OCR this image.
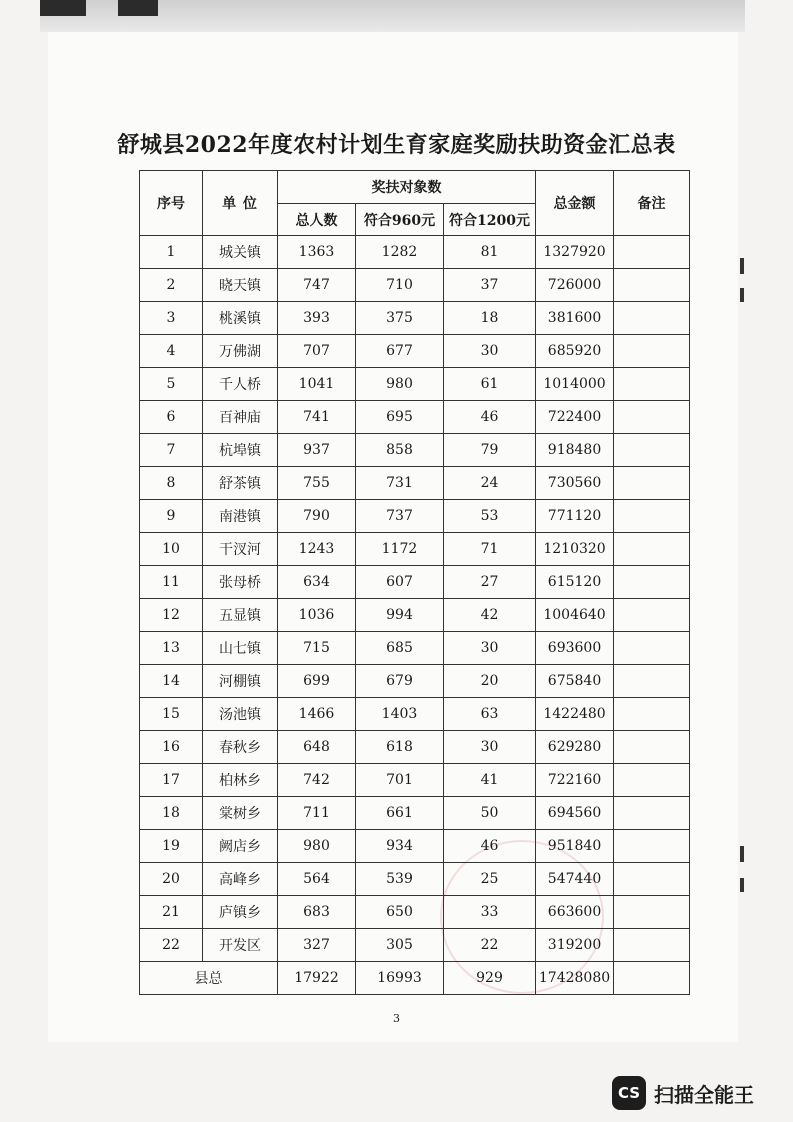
舒城县2022年度农村计划生育家庭奖励扶助资金汇总表
序号	单 位	奖扶对象数			总金额	备注
		总人数	符合960元	符合1200元		
1	城关镇	1363	1282	81	1327920	
2	晓天镇	747	710	37	726000	
3	桃溪镇	393	375	18	381600	
4	万佛湖	707	677	30	685920	
5	千人桥	1041	980	61	1014000	
6	百神庙	741	695	46	722400	
7	杭埠镇	937	858	79	918480	
8	舒茶镇	755	731	24	730560	
9	南港镇	790	737	53	771120	
10	干汊河	1243	1172	71	1210320	
11	张母桥	634	607	27	615120	
12	五显镇	1036	994	42	1004640	
13	山七镇	715	685	30	693600	
14	河棚镇	699	679	20	675840	
15	汤池镇	1466	1403	63	1422480	
16	春秋乡	648	618	30	629280	
17	柏林乡	742	701	41	722160	
18	棠树乡	711	661	50	694560	
19	阙店乡	980	934	46	951840	
20	高峰乡	564	539	25	547440	
21	庐镇乡	683	650	33	663600	
22	开发区	327	305	22	319200	
县总		17922	16993	929	17428080	
3
CS 扫描全能王
